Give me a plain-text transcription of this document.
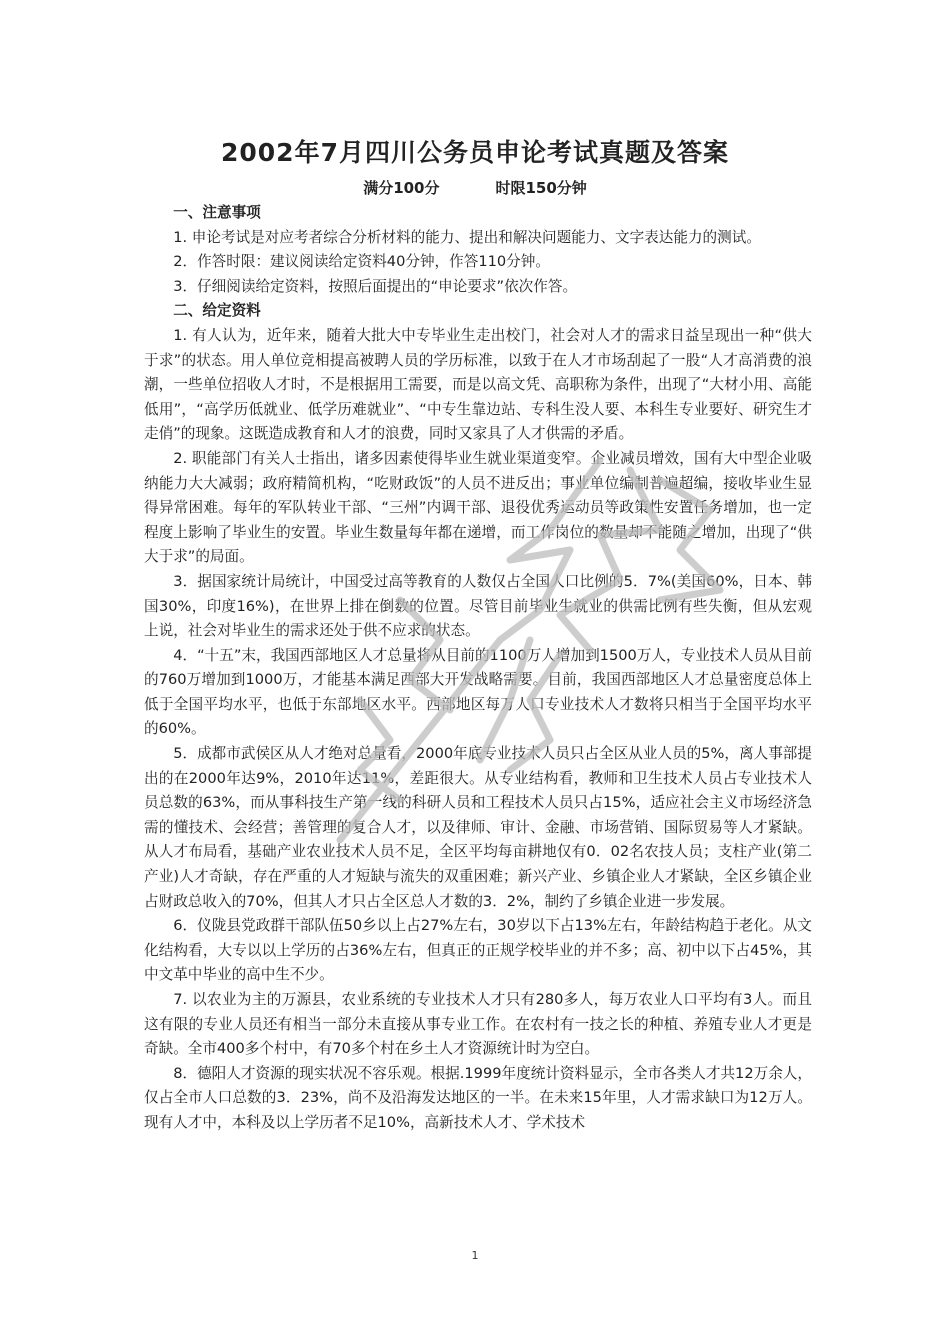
2002年7月四川公务员申论考试真题及答案
满分100分	时限150分钟
一、注意事项

1. 申论考试是对应考者综合分析材料的能力、提出和解决问题能力、文字表达能力的测试。

2．作答时限：建议阅读给定资料40分钟，作答110分钟。

3．仔细阅读给定资料，按照后面提出的“申论要求”依次作答。

二、给定资料

1. 有人认为，近年来，随着大批大中专毕业生走出校门，社会对人才的需求日益呈现出一种“供大于求”的状态。用人单位竞相提高被聘人员的学历标准，以致于在人才市场刮起了一股“人才高消费的浪潮，一些单位招收人才时，不是根据用工需要，而是以高文凭、高职称为条件，出现了“大材小用、高能低用”，“高学历低就业、低学历难就业”、“中专生靠边站、专科生没人要、本科生专业要好、研究生才走俏”的现象。这既造成教育和人才的浪费，同时又家具了人才供需的矛盾。

2. 职能部门有关人士指出，诸多因素使得毕业生就业渠道变窄。企业减员增效，国有大中型企业吸纳能力大大减弱；政府精简机构，“吃财政饭”的人员不进反出；事业单位编制普遍超编，接收毕业生显得异常困难。每年的军队转业干部、“三州”内调干部、退役优秀运动员等政策性安置任务增加，也一定程度上影响了毕业生的安置。毕业生数量每年都在递增，而工作岗位的数量却不能随之增加，出现了“供大于求”的局面。

3．据国家统计局统计，中国受过高等教育的人数仅占全国人口比例的5．7%(美国60%，日本、韩国30%，印度16%)，在世界上排在倒数的位置。尽管目前毕业生就业的供需比例有些失衡，但从宏观上说，社会对毕业生的需求还处于供不应求的状态。

4．“十五”末，我国西部地区人才总量将从目前的1100万人增加到1500万人，专业技术人员从目前的760万增加到1000万，才能基本满足西部大开发战略需要。目前，我国西部地区人才总量密度总体上低于全国平均水平，也低于东部地区水平。西部地区每万人口专业技术人才数将只相当于全国平均水平的60%。

5．成都市武侯区从人才绝对总量看，2000年底专业技术人员只占全区从业人员的5%，离人事部提出的在2000年达9%，2010年达11%，差距很大。从专业结构看，教师和卫生技术人员占专业技术人员总数的63%，而从事科技生产第一线的科研人员和工程技术人员只占15%，适应社会主义市场经济急需的懂技术、会经营；善管理的复合人才，以及律师、审计、金融、市场营销、国际贸易等人才紧缺。从人才布局看，基础产业农业技术人员不足，全区平均每亩耕地仅有0．02名农技人员；支柱产业(第二产业)人才奇缺，存在严重的人才短缺与流失的双重困难；新兴产业、乡镇企业人才紧缺，全区乡镇企业占财政总收入的70%，但其人才只占全区总人才数的3．2%，制约了乡镇企业进一步发展。

6．仪陇县党政群干部队伍50乡以上占27%左右，30岁以下占13%左右，年龄结构趋于老化。从文化结构看，大专以以上学历的占36%左右，但真正的正规学校毕业的并不多；高、初中以下占45%，其中文革中毕业的高中生不少。

7. 以农业为主的万源县，农业系统的专业技术人才只有280多人，每万农业人口平均有3人。而且这有限的专业人员还有相当一部分未直接从事专业工作。在农村有一技之长的种植、养殖专业人才更是奇缺。全市400多个村中，有70多个村在乡土人才资源统计时为空白。

8．德阳人才资源的现实状况不容乐观。根据.1999年度统计资料显示，全市各类人才共12万余人，仅占全市人口总数的3．23%，尚不及沿海发达地区的一半。在未来15年里，人才需求缺口为12万人。现有人才中，本科及以上学历者不足10%，高新技术人才、学术技术

1
